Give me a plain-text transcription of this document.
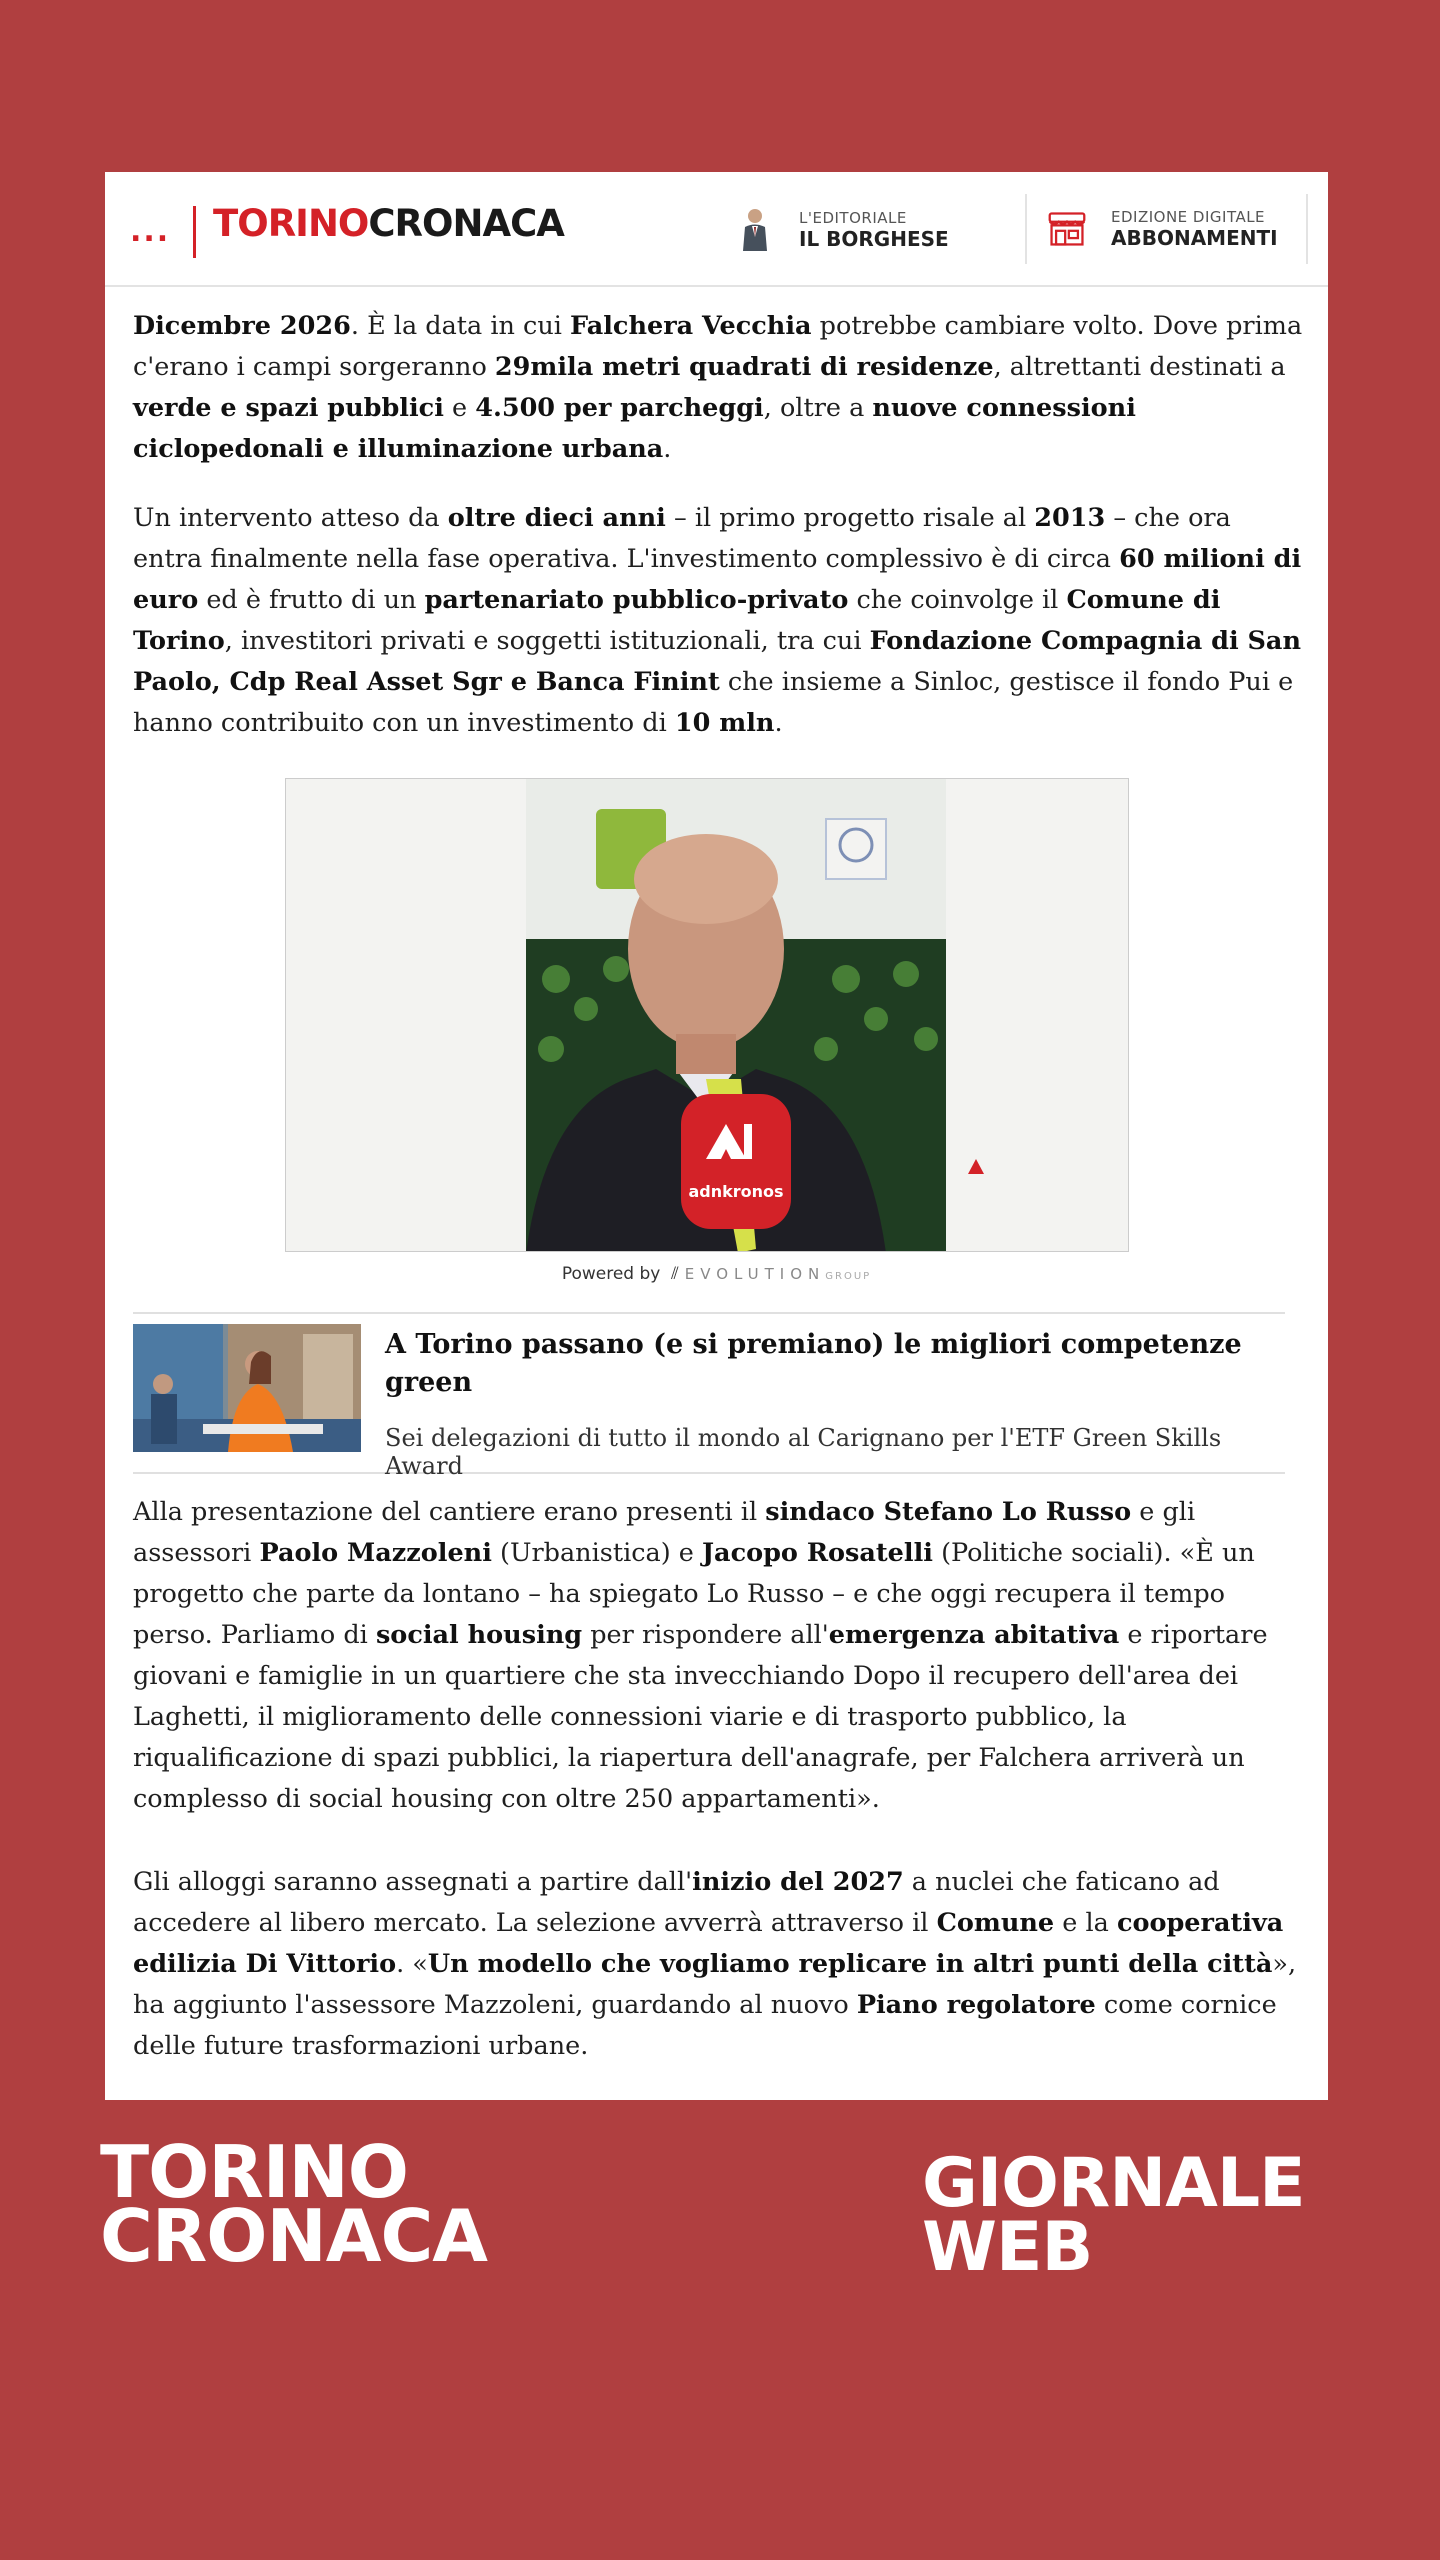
... TORINOCRONACA	L'EDITORIALE
IL BORGHESE
EDIZIONE DIGITALE
ABBONAMENTI

Dicembre 2026. È la data in cui Falchera Vecchia potrebbe cambiare volto. Dove prima c'erano i campi sorgeranno 29mila metri quadrati di residenze, altrettanti destinati a verde e spazi pubblici e 4.500 per parcheggi, oltre a nuove connessioni ciclopedonali e illuminazione urbana.

Un intervento atteso da oltre dieci anni – il primo progetto risale al 2013 – che ora entra finalmente nella fase operativa. L'investimento complessivo è di circa 60 milioni di euro ed è frutto di un partenariato pubblico-privato che coinvolge il Comune di Torino, investitori privati e soggetti istituzionali, tra cui Fondazione Compagnia di San Paolo, Cdp Real Asset Sgr e Banca Finint che insieme a Sinloc, gestisce il fondo Pui e hanno contribuito con un investimento di 10 mln.

adnkronos
Powered by  ⫽ EVOLUTIONGROUP
A Torino passano (e si premiano) le migliori competenze green
Sei delegazioni di tutto il mondo al Carignano per l'ETF Green Skills Award

Alla presentazione del cantiere erano presenti il sindaco Stefano Lo Russo e gli assessori Paolo Mazzoleni (Urbanistica) e Jacopo Rosatelli (Politiche sociali). «È un progetto che parte da lontano – ha spiegato Lo Russo – e che oggi recupera il tempo perso. Parliamo di social housing per rispondere all'emergenza abitativa e riportare giovani e famiglie in un quartiere che sta invecchiando Dopo il recupero dell'area dei Laghetti, il miglioramento delle connessioni viarie e di trasporto pubblico, la riqualificazione di spazi pubblici, la riapertura dell'anagrafe, per Falchera arriverà un complesso di social housing con oltre 250 appartamenti».

Gli alloggi saranno assegnati a partire dall'inizio del 2027 a nuclei che faticano ad accedere al libero mercato. La selezione avverrà attraverso il Comune e la cooperativa edilizia Di Vittorio. «Un modello che vogliamo replicare in altri punti della città», ha aggiunto l'assessore Mazzoleni, guardando al nuovo Piano regolatore come cornice delle future trasformazioni urbane.

TORINO
CRONACA
GIORNALE
WEB
